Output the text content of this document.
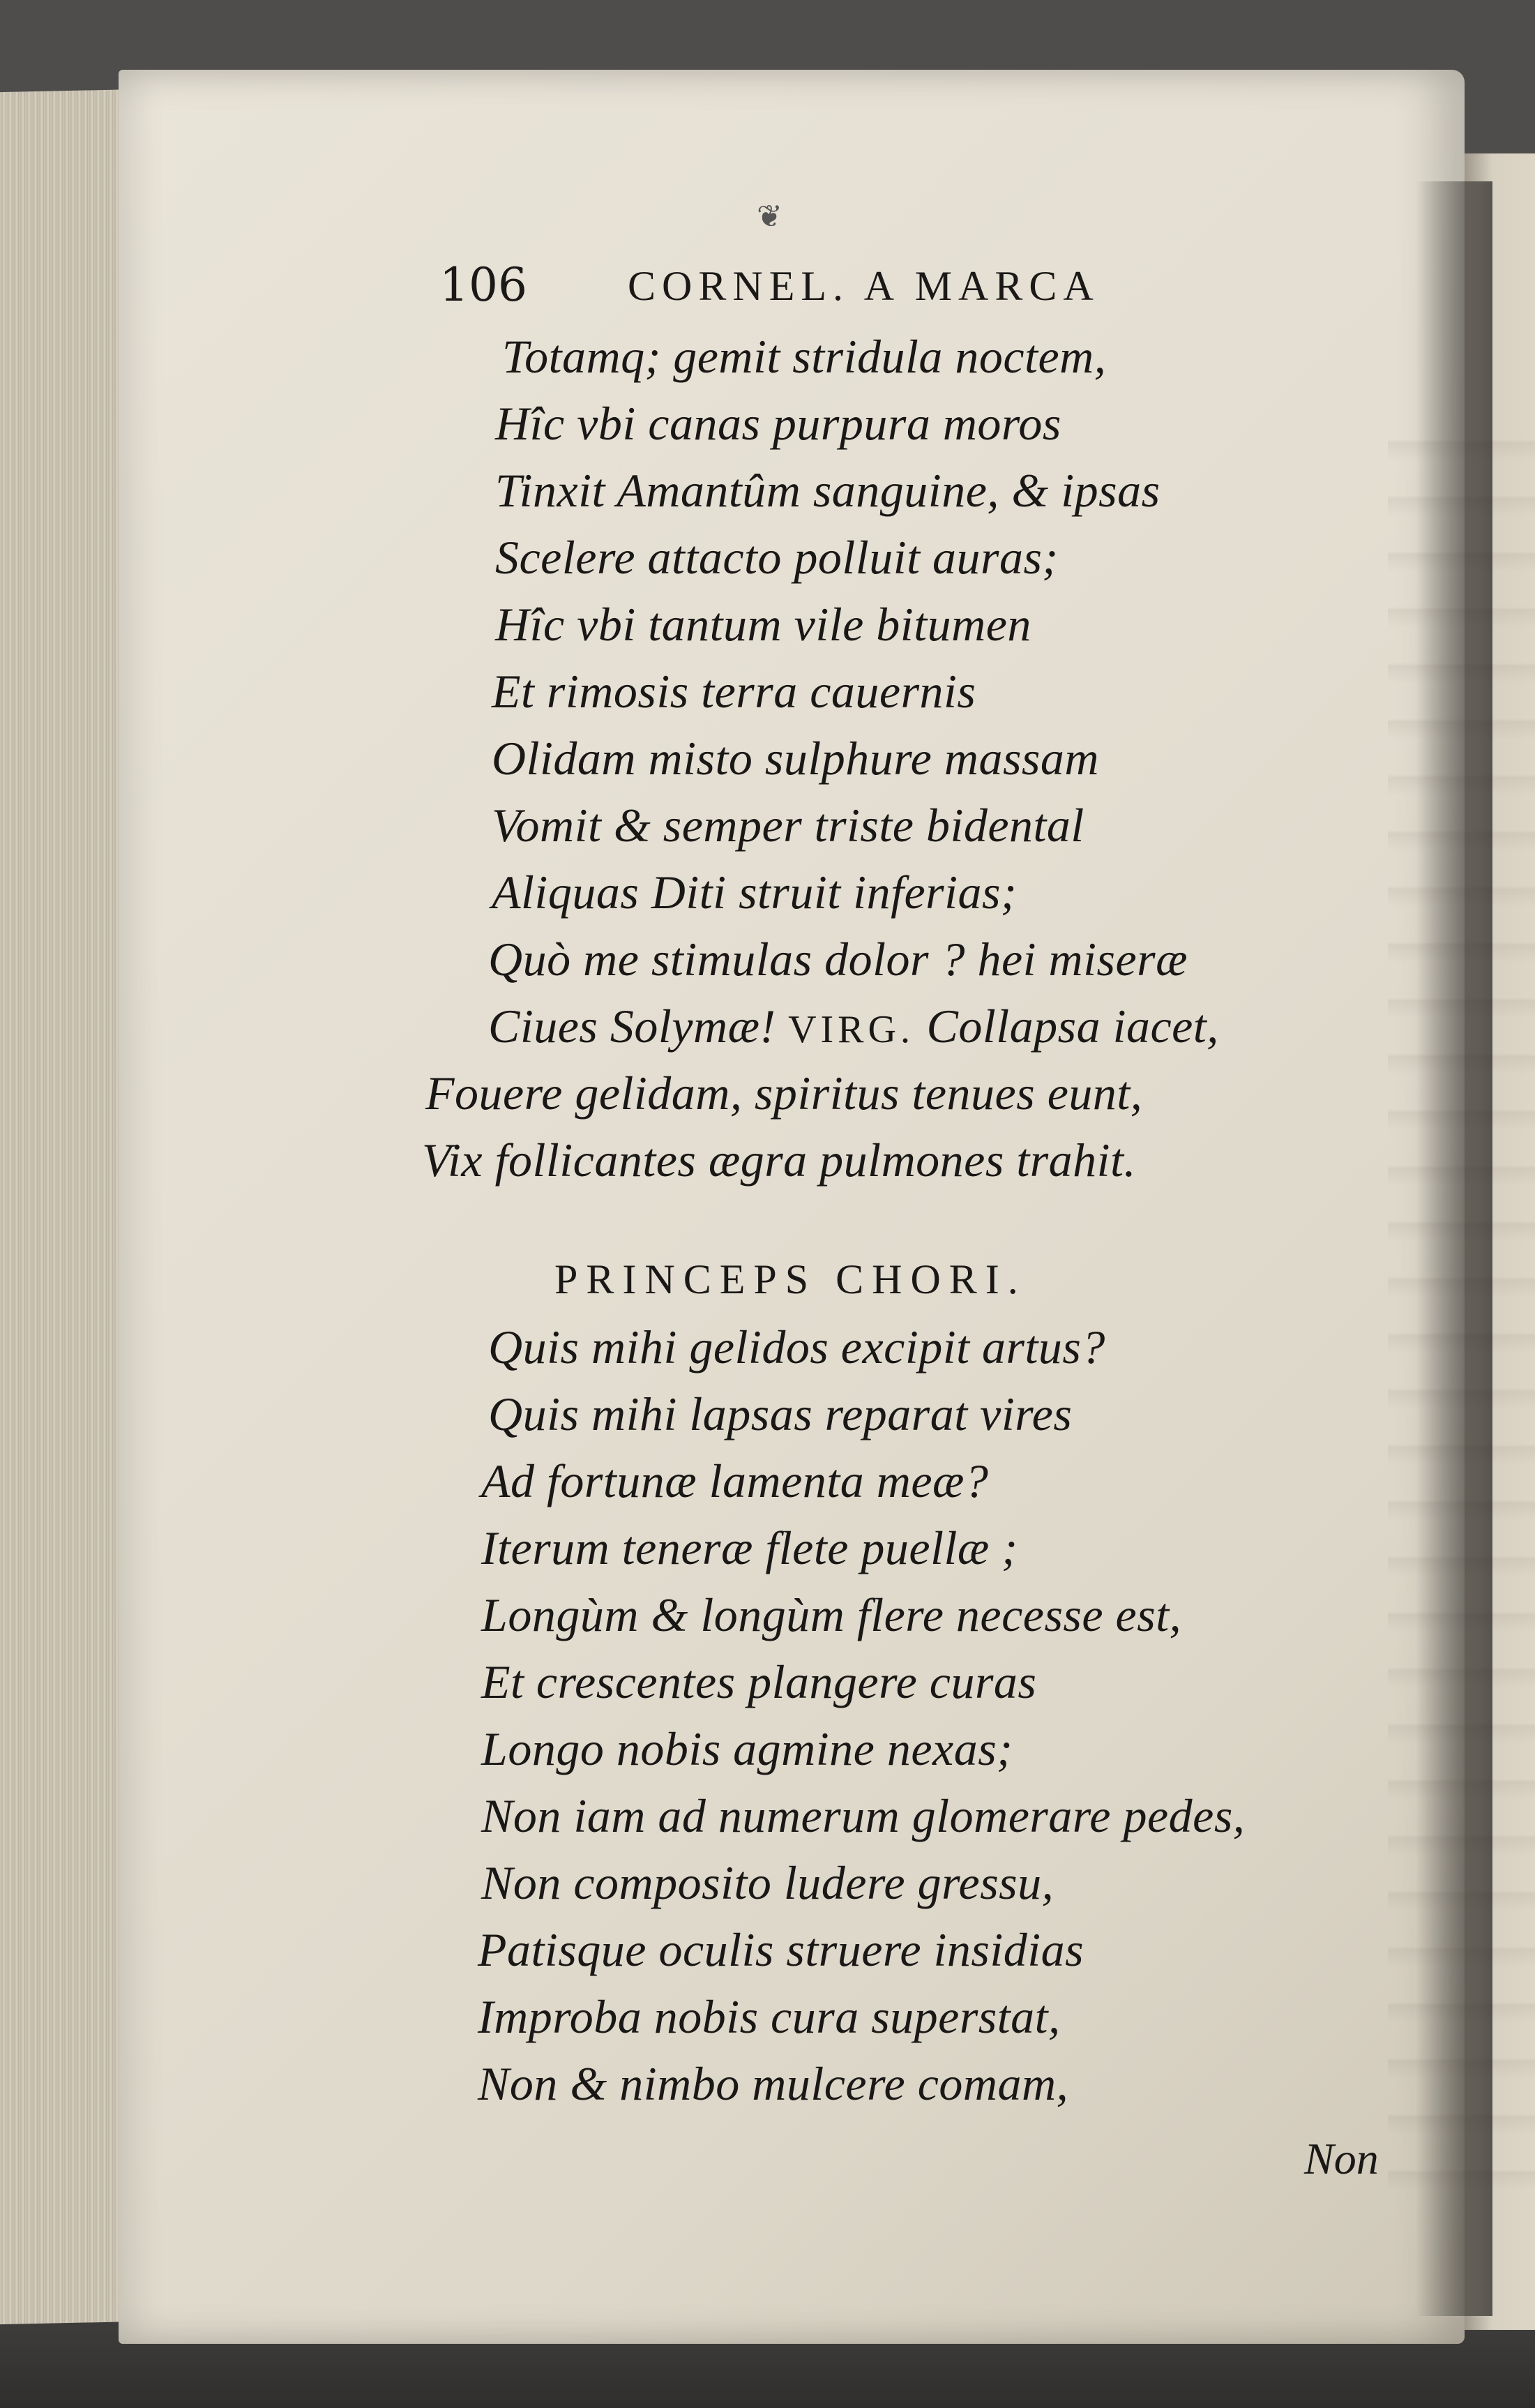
❦
106 CORNEL. A MARCA
Totamq; gemit stridula noctem,
Hîc vbi canas purpura moros
Tinxit Amantûm sanguine, & ipsas
Scelere attacto polluit auras;
Hîc vbi tantum vile bitumen
Et rimosis terra cauernis
Olidam misto sulphure massam
Vomit & semper triste bidental
Aliquas Diti struit inferias;
Quò me stimulas dolor ? hei miseræ
Ciues Solymæ! VIRG. Collapsa iacet,
Fouere gelidam, spiritus tenues eunt,
Vix follicantes ægra pulmones trahit.
PRINCEPS CHORI.
Quis mihi gelidos excipit artus?
Quis mihi lapsas reparat vires
Ad fortunæ lamenta meæ?
Iterum teneræ flete puellæ ;
Longùm & longùm flere necesse est,
Et crescentes plangere curas
Longo nobis agmine nexas;
Non iam ad numerum glomerare pedes,
Non composito ludere gressu,
Patisque oculis struere insidias
Improba nobis cura superstat,
Non & nimbo mulcere comam,
Non
